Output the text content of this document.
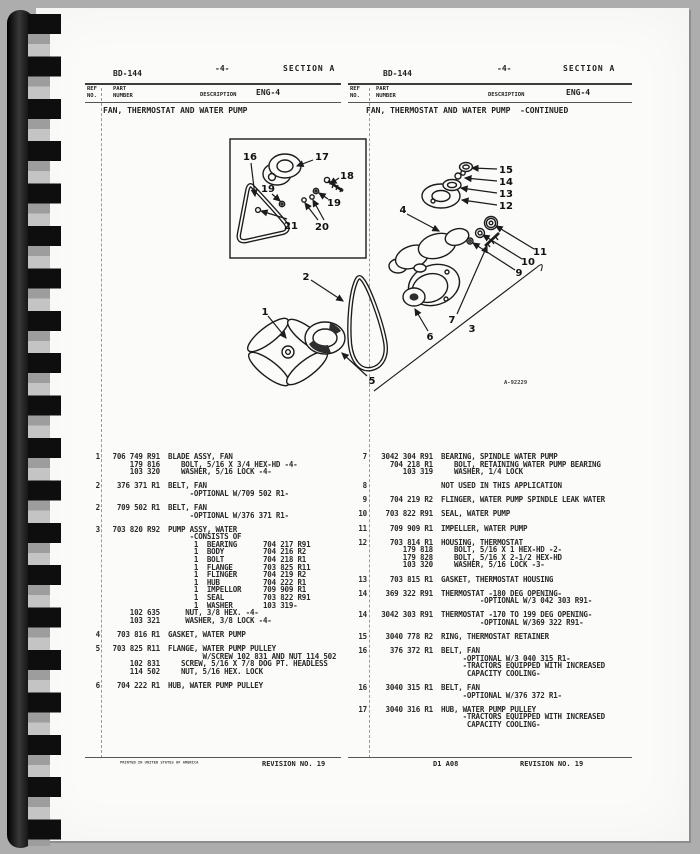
BD-144
-4-	SECTION A
REF
NO.
PART
NUMBER	DESCRIPTION ENG-4
FAN, THERMOSTAT AND WATER PUMP
BD-144
-4-	SECTION A
REF
NO.
PART
NUMBER	DESCRIPTION	ENG-4
FAN, THERMOSTAT AND WATER PUMP  -CONTINUED
16	17
18
19
19
20
21
1
2
5
6
7
3
4	12
13
14
15
9
10
11
A-92229
1	706 749 R91 BLADE ASSY, FAN
179 816 BOLT, 5/16 X 3/4 HEX-HD -4-
103 320 WASHER, 5/16 LOCK -4-
2	376 371 R1 BELT, FAN
-OPTIONAL W/709 502 R1-
2	709 502 R1 BELT, FAN
-OPTIONAL W/376 371 R1-
3	703 820 R92 PUMP ASSY, WATER
-CONSISTS OF
1  BEARING      704 217 R91
1  BODY         704 216 R2
1  BOLT         704 218 R1
1  FLANGE       703 825 R11
1  FLINGER      704 219 R2
1  HUB          704 222 R1
1  IMPELLOR     709 909 R1
1  SEAL         703 822 R91
1  WASHER       103 319-
102 635 NUT, 3/8 HEX. -4-
103 321 WASHER, 3/8 LOCK -4-
4	703 816 R1 GASKET, WATER PUMP
5	703 825 R11 FLANGE, WATER PUMP PULLEY
W/SCREW 102 831 AND NUT 114 502
102 831 SCREW, 5/16 X 7/8 DOG PT. HEADLESS
114 502 NUT, 5/16 HEX. LOCK
6	704 222 R1 HUB, WATER PUMP PULLEY
7	3042 304 R91 BEARING, SPINDLE WATER PUMP
704 218 R1 BOLT, RETAINING WATER PUMP BEARING
103 319 WASHER, 1/4 LOCK
8	NOT USED IN THIS APPLICATION
9	704 219 R2 FLINGER, WATER PUMP SPINDLE LEAK WATER
10	703 822 R91 SEAL, WATER PUMP
11	709 909 R1 IMPELLER, WATER PUMP
12	703 814 R1 HOUSING, THERMOSTAT
179 818 BOLT, 5/16 X 1 HEX-HD -2-
179 828 BOLT, 5/16 X 2-1/2 HEX-HD
103 320 WASHER, 5/16 LOCK -3-
13	703 815 R1 GASKET, THERMOSTAT HOUSING
14	369 322 R91 THERMOSTAT -180 DEG OPENING-
-OPTIONAL W/3 042 303 R91-
14	3042 303 R91 THERMOSTAT -170 TO 199 DEG OPENING-
-OPTIONAL W/369 322 R91-
15	3040 778 R2 RING, THERMOSTAT RETAINER
16	376 372 R1 BELT, FAN
-OPTIONAL W/3 040 315 R1-
-TRACTORS EQUIPPED WITH INCREASED
CAPACITY COOLING-
16	3040 315 R1 BELT, FAN
-OPTIONAL W/376 372 R1-
17	3040 316 R1 HUB, WATER PUMP PULLEY
-TRACTORS EQUIPPED WITH INCREASED
CAPACITY COOLING-
PRINTED IN UNITED STATES OF AMERICA	REVISION NO. 19	D1 A08	REVISION NO. 19
